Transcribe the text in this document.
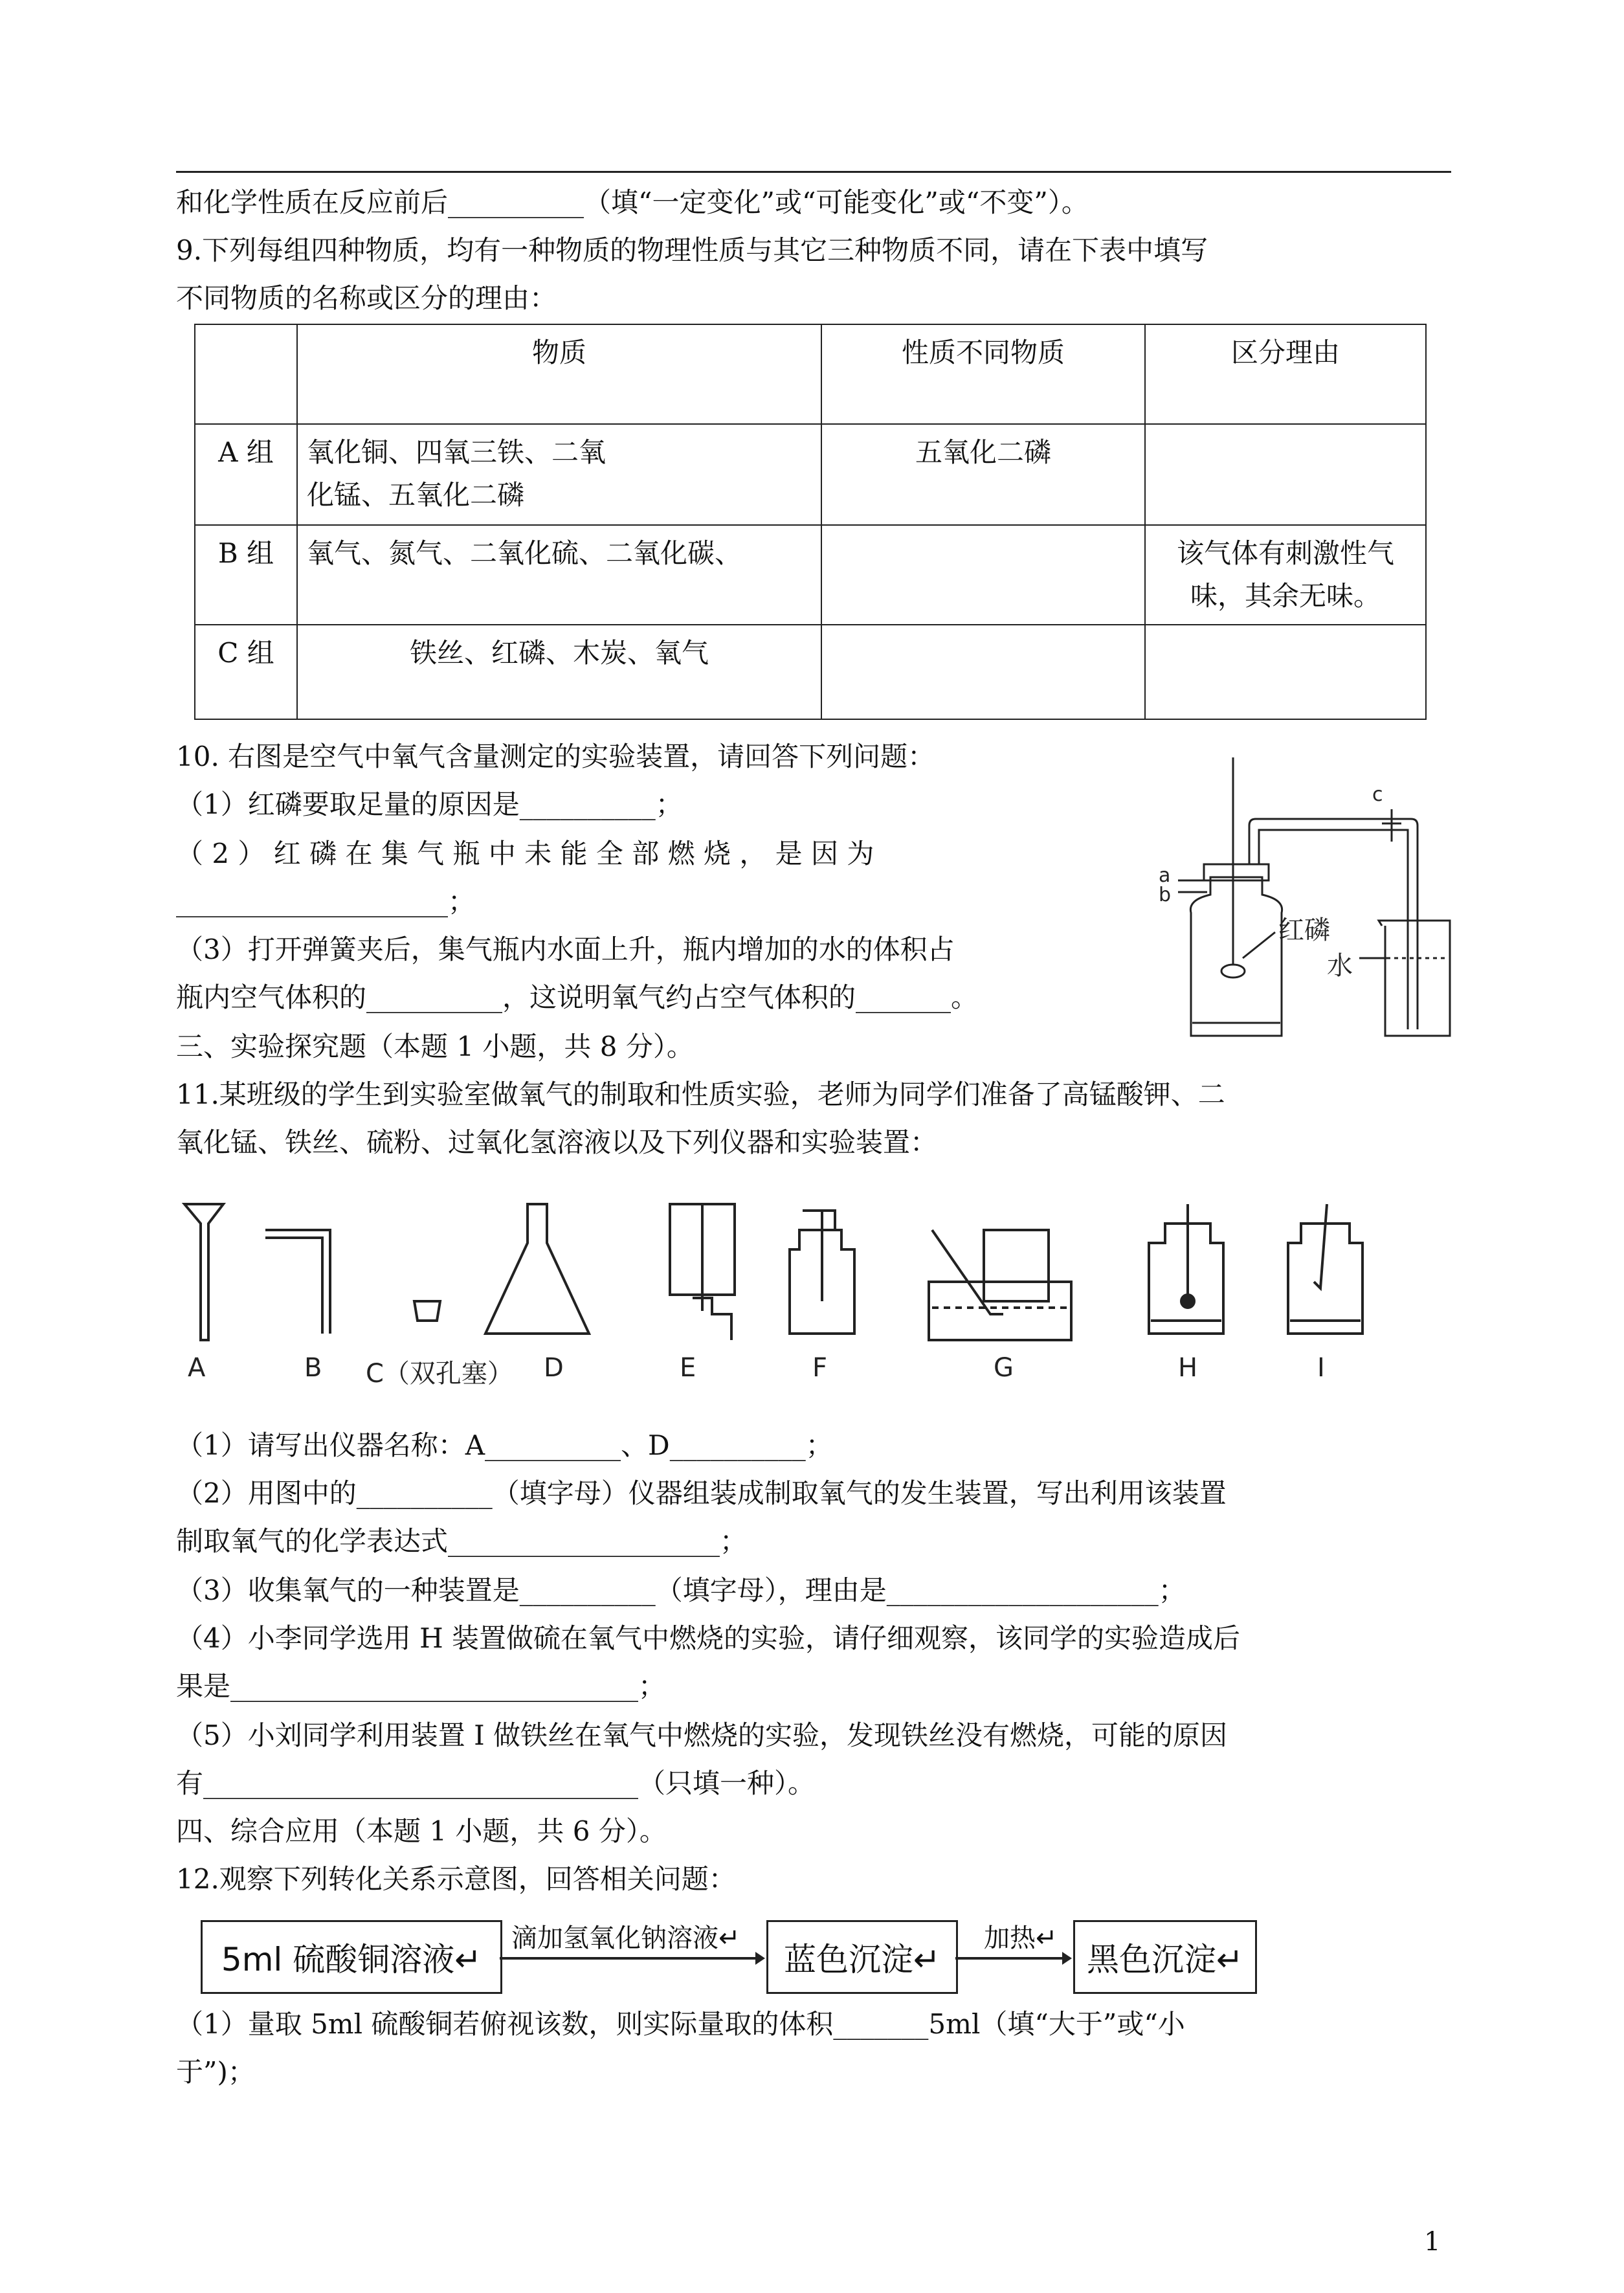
和化学性质在反应前后__________（填“一定变化”或“可能变化”或“不变”）。
9.下列每组四种物质，均有一种物质的物理性质与其它三种物质不同，请在下表中填写
不同物质的名称或区分的理由：
	物质	性质不同物质	区分理由
A 组	氧化铜、四氧三铁、二氧化锰、五氧化二磷	五氧化二磷	
B 组	氧气、氮气、二氧化硫、二氧化碳、		该气体有刺激性气味，其余无味。
C 组	铁丝、红磷、木炭、氧气		
10. 右图是空气中氧气含量测定的实验装置，请回答下列问题：
（1）红磷要取足量的原因是__________；
（ 2 ） 红 磷 在 集 气 瓶 中 未 能 全 部 燃 烧 ， 是 因 为
____________________；
（3）打开弹簧夹后，集气瓶内水面上升，瓶内增加的水的体积占
瓶内空气体积的__________，这说明氧气约占空气体积的_______。
c
a
b
红磷
水
三、实验探究题（本题 1 小题，共 8 分）。
11.某班级的学生到实验室做氧气的制取和性质实验，老师为同学们准备了高锰酸钾、二
氧化锰、铁丝、硫粉、过氧化氢溶液以及下列仪器和实验装置：
A	B C（双孔塞） D	E	F	G	H	I
（1）请写出仪器名称：A__________、D__________；
（2）用图中的__________（填字母）仪器组装成制取氧气的发生装置，写出利用该装置
制取氧气的化学表达式____________________；
（3）收集氧气的一种装置是__________（填字母），理由是____________________；
（4）小李同学选用 H 装置做硫在氧气中燃烧的实验，请仔细观察，该同学的实验造成后
果是______________________________；
（5）小刘同学利用装置 I 做铁丝在氧气中燃烧的实验，发现铁丝没有燃烧，可能的原因
有________________________________（只填一种）。
四、综合应用（本题 1 小题，共 6 分）。
12.观察下列转化关系示意图，回答相关问题：
5ml 硫酸铜溶液↵
滴加氢氧化钠溶液↵
蓝色沉淀↵
加热↵
黑色沉淀↵
（1）量取 5ml 硫酸铜若俯视该数，则实际量取的体积_______5ml（填“大于”或“小
于”)；
1
